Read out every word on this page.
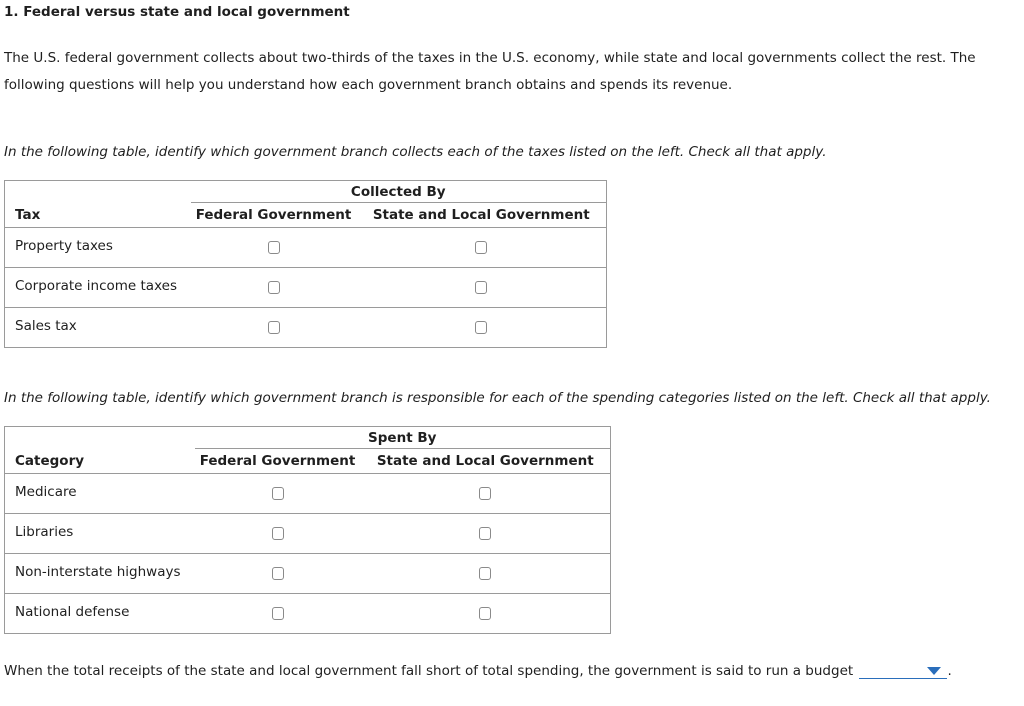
1. Federal versus state and local government
The U.S. federal government collects about two-thirds of the taxes in the U.S. economy, while state and local governments collect the rest. The following questions will help you understand how each government branch obtains and spends its revenue.
In the following table, identify which government branch collects each of the taxes listed on the left. Check all that apply.
	Collected By	
Tax	Federal Government	State and Local Government
Property taxes		
Corporate income taxes		
Sales tax		
In the following table, identify which government branch is responsible for each of the spending categories listed on the left. Check all that apply.
	Spent By	
Category	Federal Government	State and Local Government
Medicare		
Libraries		
Non-interstate highways		
National defense		
When the total receipts of the state and local government fall short of total spending, the government is said to run a budget	.
